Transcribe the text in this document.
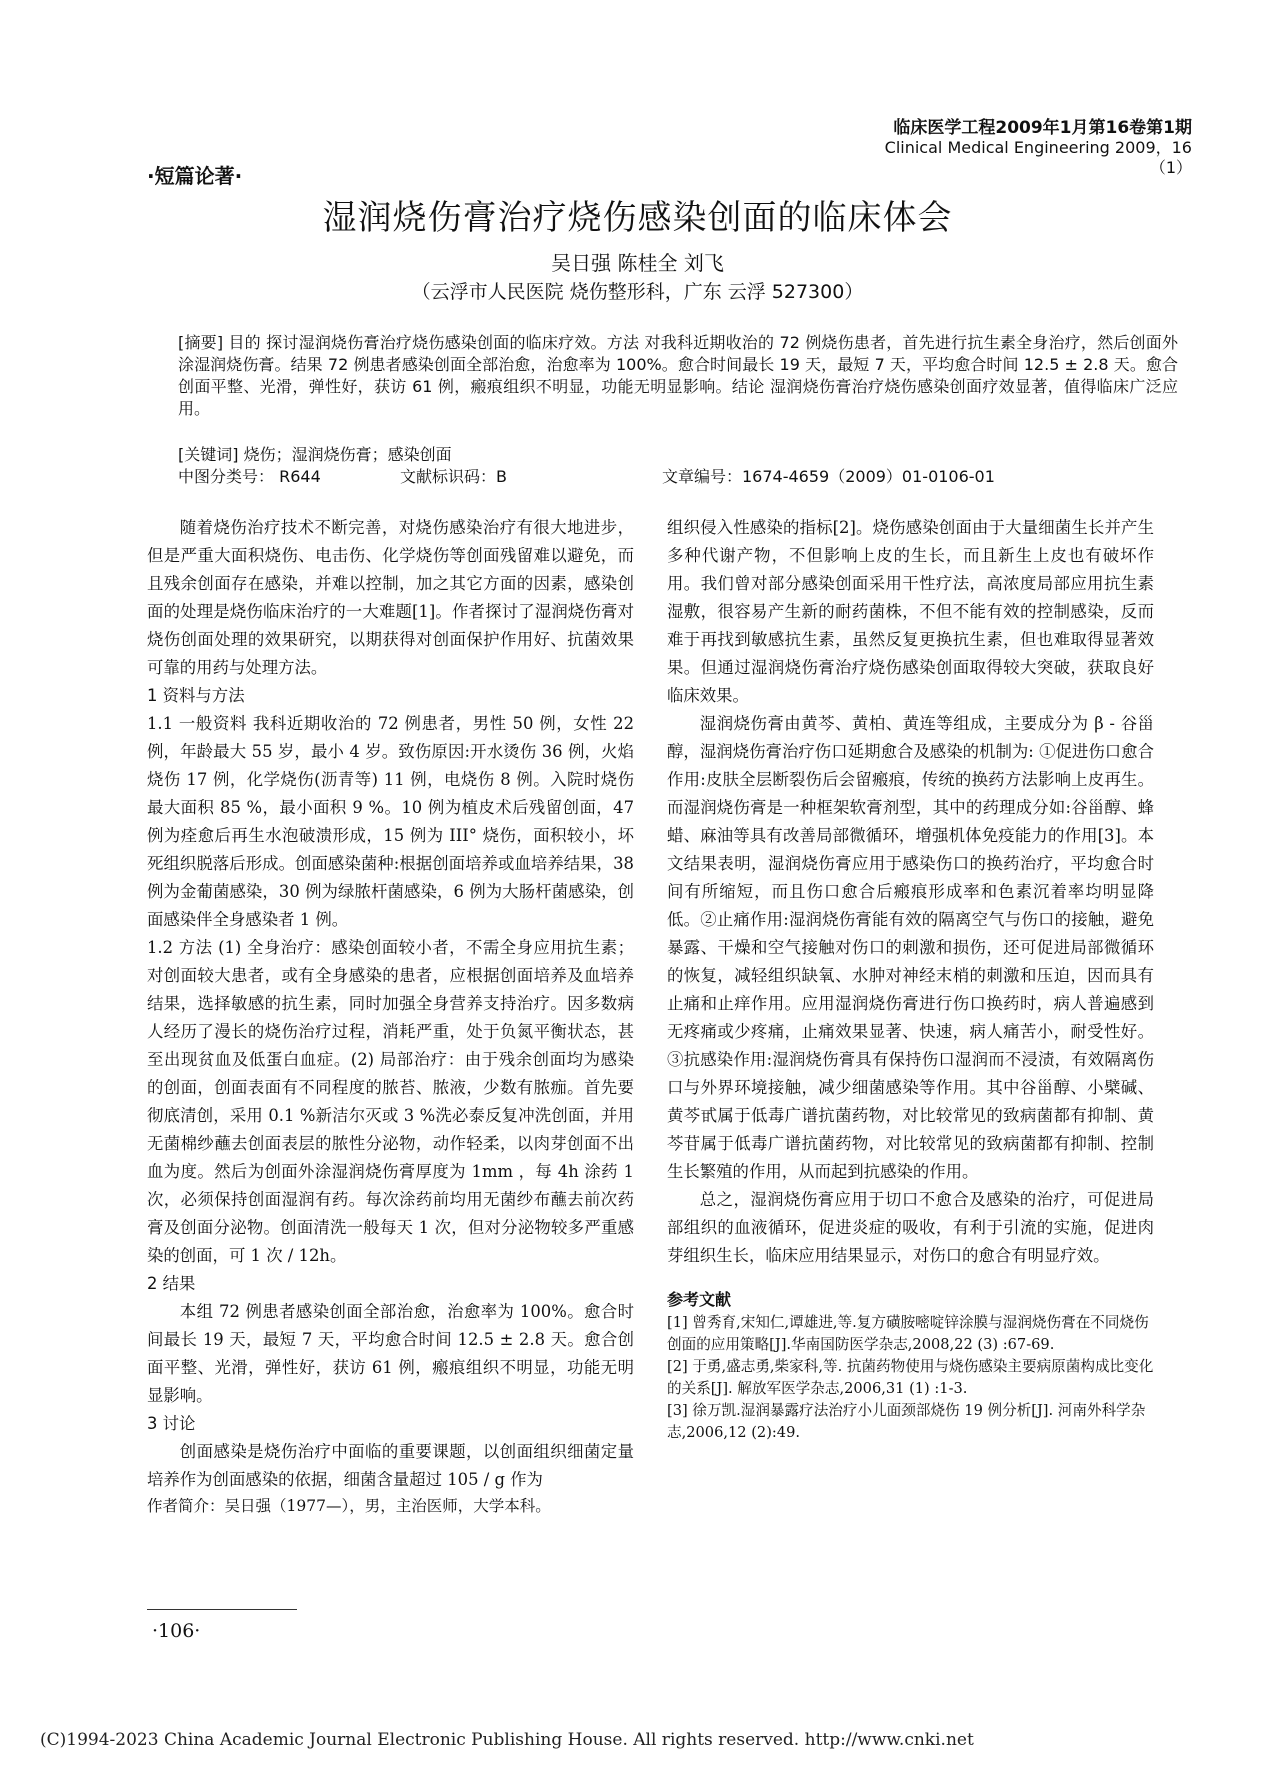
临床医学工程2009年1月第16卷第1期
Clinical Medical Engineering 2009，16（1）
·短篇论著·
湿润烧伤膏治疗烧伤感染创面的临床体会
吴日强 陈桂全 刘飞
（云浮市人民医院 烧伤整形科，广东 云浮 527300）
[摘要] 目的 探讨湿润烧伤膏治疗烧伤感染创面的临床疗效。方法 对我科近期收治的 72 例烧伤患者，首先进行抗生素全身治疗，然后创面外涂湿润烧伤膏。结果 72 例患者感染创面全部治愈，治愈率为 100%。愈合时间最长 19 天，最短 7 天，平均愈合时间 12.5 ± 2.8 天。愈合创面平整、光滑，弹性好，获访 61 例，瘢痕组织不明显，功能无明显影响。结论 湿润烧伤膏治疗烧伤感染创面疗效显著，值得临床广泛应用。
[关键词] 烧伤；湿润烧伤膏；感染创面
中图分类号： R644	文献标识码：B	文章编号：1674-4659（2009）01-0106-01

随着烧伤治疗技术不断完善，对烧伤感染治疗有很大地进步，但是严重大面积烧伤、电击伤、化学烧伤等创面残留难以避免，而且残余创面存在感染，并难以控制，加之其它方面的因素，感染创面的处理是烧伤临床治疗的一大难题[1]。作者探讨了湿润烧伤膏对烧伤创面处理的效果研究，以期获得对创面保护作用好、抗菌效果可靠的用药与处理方法。

1 资料与方法

1.1 一般资料 我科近期收治的 72 例患者，男性 50 例，女性 22 例，年龄最大 55 岁，最小 4 岁。致伤原因:开水烫伤 36 例，火焰烧伤 17 例，化学烧伤(沥青等) 11 例，电烧伤 8 例。入院时烧伤最大面积 85 %，最小面积 9 %。10 例为植皮术后残留创面，47 例为痊愈后再生水泡破溃形成，15 例为 III° 烧伤，面积较小，坏死组织脱落后形成。创面感染菌种:根据创面培养或血培养结果，38 例为金葡菌感染，30 例为绿脓杆菌感染，6 例为大肠杆菌感染，创面感染伴全身感染者 1 例。

1.2 方法 (1) 全身治疗：感染创面较小者，不需全身应用抗生素；对创面较大患者，或有全身感染的患者，应根据创面培养及血培养结果，选择敏感的抗生素，同时加强全身营养支持治疗。因多数病人经历了漫长的烧伤治疗过程，消耗严重，处于负氮平衡状态，甚至出现贫血及低蛋白血症。(2) 局部治疗：由于残余创面均为感染的创面，创面表面有不同程度的脓苔、脓液，少数有脓痂。首先要彻底清创，采用 0.1 %新洁尔灭或 3 %洗必泰反复冲洗创面，并用无菌棉纱蘸去创面表层的脓性分泌物，动作轻柔，以肉芽创面不出血为度。然后为创面外涂湿润烧伤膏厚度为 1mm ，每 4h 涂药 1 次，必须保持创面湿润有药。每次涂药前均用无菌纱布蘸去前次药膏及创面分泌物。创面清洗一般每天 1 次，但对分泌物较多严重感染的创面，可 1 次 / 12h。

2 结果

本组 72 例患者感染创面全部治愈，治愈率为 100%。愈合时间最长 19 天，最短 7 天，平均愈合时间 12.5 ± 2.8 天。愈合创面平整、光滑，弹性好，获访 61 例，瘢痕组织不明显，功能无明显影响。

3 讨论

创面感染是烧伤治疗中面临的重要课题，以创面组织细菌定量培养作为创面感染的依据，细菌含量超过 105 / g 作为

作者简介：吴日强（1977—），男，主治医师，大学本科。

组织侵入性感染的指标[2]。烧伤感染创面由于大量细菌生长并产生多种代谢产物，不但影响上皮的生长，而且新生上皮也有破坏作用。我们曾对部分感染创面采用干性疗法，高浓度局部应用抗生素湿敷，很容易产生新的耐药菌株，不但不能有效的控制感染，反而难于再找到敏感抗生素，虽然反复更换抗生素，但也难取得显著效果。但通过湿润烧伤膏治疗烧伤感染创面取得较大突破，获取良好临床效果。

湿润烧伤膏由黄芩、黄柏、黄连等组成，主要成分为 β - 谷甾醇，湿润烧伤膏治疗伤口延期愈合及感染的机制为: ①促进伤口愈合作用:皮肤全层断裂伤后会留瘢痕，传统的换药方法影响上皮再生。而湿润烧伤膏是一种框架软膏剂型，其中的药理成分如:谷甾醇、蜂蜡、麻油等具有改善局部微循环，增强机体免疫能力的作用[3]。本文结果表明，湿润烧伤膏应用于感染伤口的换药治疗，平均愈合时间有所缩短，而且伤口愈合后瘢痕形成率和色素沉着率均明显降低。②止痛作用:湿润烧伤膏能有效的隔离空气与伤口的接触，避免暴露、干燥和空气接触对伤口的刺激和损伤，还可促进局部微循环的恢复，减轻组织缺氧、水肿对神经末梢的刺激和压迫，因而具有止痛和止痒作用。应用湿润烧伤膏进行伤口换药时，病人普遍感到无疼痛或少疼痛，止痛效果显著、快速，病人痛苦小，耐受性好。③抗感染作用:湿润烧伤膏具有保持伤口湿润而不浸渍，有效隔离伤口与外界环境接触，减少细菌感染等作用。其中谷甾醇、小檗碱、黄芩甙属于低毒广谱抗菌药物，对比较常见的致病菌都有抑制、黄芩苷属于低毒广谱抗菌药物，对比较常见的致病菌都有抑制、控制生长繁殖的作用，从而起到抗感染的作用。

总之，湿润烧伤膏应用于切口不愈合及感染的治疗，可促进局部组织的血液循环，促进炎症的吸收，有利于引流的实施，促进肉芽组织生长，临床应用结果显示，对伤口的愈合有明显疗效。

参考文献

[1] 曾秀育,宋知仁,谭雄进,等.复方磺胺嘧啶锌涂膜与湿润烧伤膏在不同烧伤创面的应用策略[J].华南国防医学杂志,2008,22 (3) :67-69.

[2] 于勇,盛志勇,柴家科,等. 抗菌药物使用与烧伤感染主要病原菌构成比变化的关系[J]. 解放军医学杂志,2006,31 (1) :1-3.

[3] 徐万凯.湿润暴露疗法治疗小儿面颈部烧伤 19 例分析[J]. 河南外科学杂志,2006,12 (2):49.

·106·
(C)1994-2023 China Academic Journal Electronic Publishing House. All rights reserved. http://www.cnki.net
